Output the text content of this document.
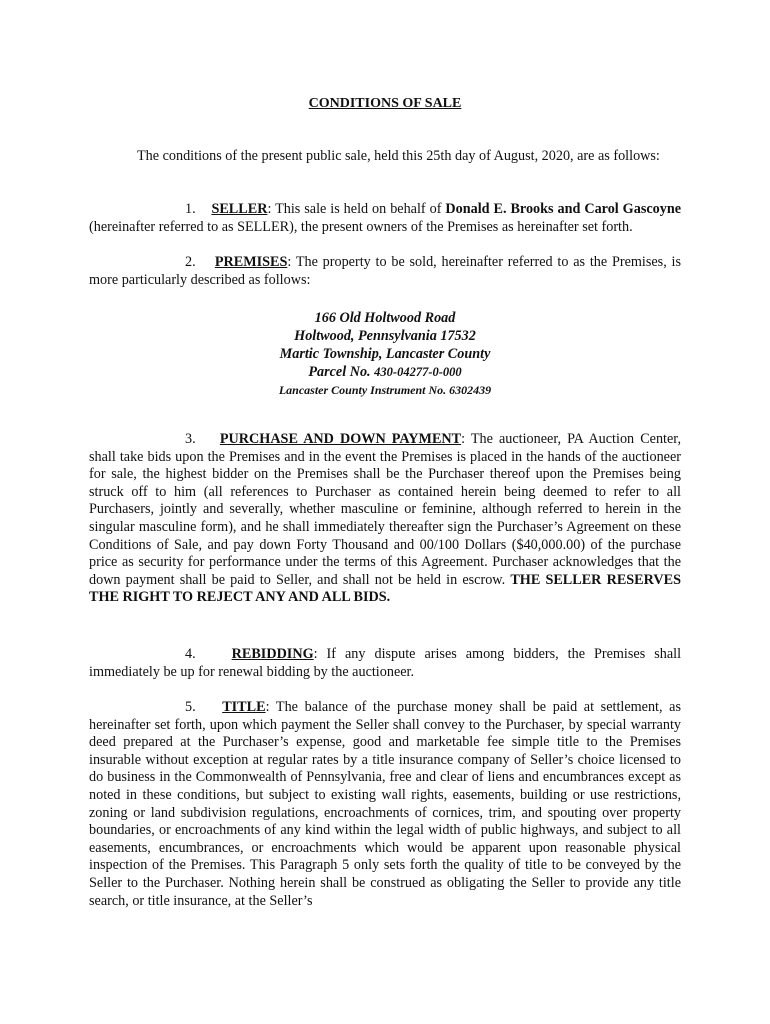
CONDITIONS OF SALE
The conditions of the present public sale, held this 25th day of August, 2020, are as follows:
1. SELLER: This sale is held on behalf of Donald E. Brooks and Carol Gascoyne (hereinafter referred to as SELLER), the present owners of the Premises as hereinafter set forth.
2. PREMISES: The property to be sold, hereinafter referred to as the Premises, is more particularly described as follows:
166 Old Holtwood Road
Holtwood, Pennsylvania 17532
Martic Township, Lancaster County
Parcel No. 430-04277-0-000
Lancaster County Instrument No. 6302439
3. PURCHASE AND DOWN PAYMENT: The auctioneer, PA Auction Center, shall take bids upon the Premises and in the event the Premises is placed in the hands of the auctioneer for sale, the highest bidder on the Premises shall be the Purchaser thereof upon the Premises being struck off to him (all references to Purchaser as contained herein being deemed to refer to all Purchasers, jointly and severally, whether masculine or feminine, although referred to herein in the singular masculine form), and he shall immediately thereafter sign the Purchaser’s Agreement on these Conditions of Sale, and pay down Forty Thousand and 00/100 Dollars ($40,000.00) of the purchase price as security for performance under the terms of this Agreement. Purchaser acknowledges that the down payment shall be paid to Seller, and shall not be held in escrow. THE SELLER RESERVES THE RIGHT TO REJECT ANY AND ALL BIDS.
4.	REBIDDING: If any dispute arises among bidders, the Premises shall immediately be up for renewal bidding by the auctioneer.
5. TITLE: The balance of the purchase money shall be paid at settlement, as hereinafter set forth, upon which payment the Seller shall convey to the Purchaser, by special warranty deed prepared at the Purchaser’s expense, good and marketable fee simple title to the Premises insurable without exception at regular rates by a title insurance company of Seller’s choice licensed to do business in the Commonwealth of Pennsylvania, free and clear of liens and encumbrances except as noted in these conditions, but subject to existing wall rights, easements, building or use restrictions, zoning or land subdivision regulations, encroachments of cornices, trim, and spouting over property boundaries, or encroachments of any kind within the legal width of public highways, and subject to all easements, encumbrances, or encroachments which would be apparent upon reasonable physical inspection of the Premises. This Paragraph 5 only sets forth the quality of title to be conveyed by the Seller to the Purchaser. Nothing herein shall be construed as obligating the Seller to provide any title search, or title insurance, at the Seller’s
